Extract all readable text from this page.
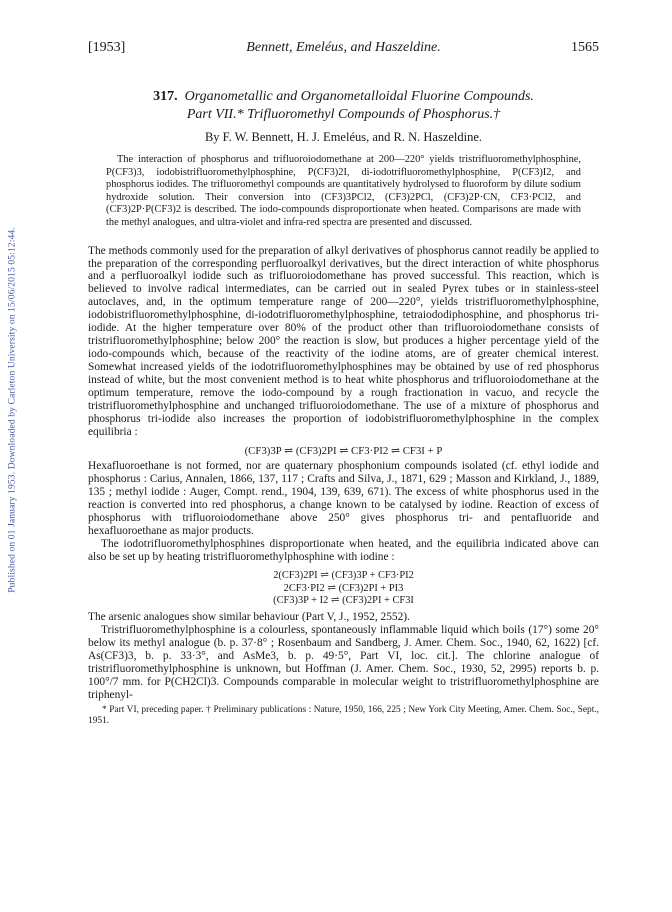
Published on 01 January 1953. Downloaded by Carleton University on 15/06/2015 05:12:44.
[1953]	Bennett, Emeléus, and Haszeldine.	1565
317. Organometallic and Organometalloidal Fluorine Compounds.
Part VII.* Trifluoromethyl Compounds of Phosphorus.†
By F. W. Bennett, H. J. Emeléus, and R. N. Haszeldine.
The interaction of phosphorus and trifluoroiodomethane at 200—220° yields tristrifluoromethylphosphine, P(CF3)3, iodobistrifluoromethylphosphine, P(CF3)2I, di-iodotrifluoromethylphosphine, P(CF3)I2, and phosphorus iodides. The trifluoromethyl compounds are quantitatively hydrolysed to fluoroform by dilute sodium hydroxide solution. Their conversion into (CF3)3PCl2, (CF3)2PCl, (CF3)2P·CN, CF3·PCl2, and (CF3)2P·P(CF3)2 is described. The iodo-compounds disproportionate when heated. Comparisons are made with the methyl analogues, and ultra-violet and infra-red spectra are presented and discussed.

The methods commonly used for the preparation of alkyl derivatives of phosphorus cannot readily be applied to the preparation of the corresponding perfluoroalkyl derivatives, but the direct interaction of white phosphorus and a perfluoroalkyl iodide such as trifluoroiodomethane has proved successful. This reaction, which is believed to involve radical intermediates, can be carried out in sealed Pyrex tubes or in stainless-steel autoclaves, and, in the optimum temperature range of 200—220°, yields tristrifluoromethylphosphine, iodobistrifluoromethylphosphine, di-iodotrifluoromethylphosphine, tetraiododiphosphine, and phosphorus tri-iodide. At the higher temperature over 80% of the product other than trifluoroiodomethane consists of tristrifluoromethylphosphine; below 200° the reaction is slow, but produces a higher percentage yield of the iodo-compounds which, because of the reactivity of the iodine atoms, are of greater chemical interest. Somewhat increased yields of the iodotrifluoromethylphosphines may be obtained by use of red phosphorus instead of white, but the most convenient method is to heat white phosphorus and trifluoroiodomethane at the optimum temperature, remove the iodo-compound by a rough fractionation in vacuo, and recycle the tristrifluoromethylphosphine and unchanged trifluoroiodomethane. The use of a mixture of phosphorus and phosphorus tri-iodide also increases the proportion of iodobistrifluoromethylphosphine in the complex equilibria :

(CF3)3P ⇌ (CF3)2PI ⇌ CF3·PI2 ⇌ CF3I + P

Hexafluoroethane is not formed, nor are quaternary phosphonium compounds isolated (cf. ethyl iodide and phosphorus : Carius, Annalen, 1866, 137, 117 ; Crafts and Silva, J., 1871, 629 ; Masson and Kirkland, J., 1889, 135 ; methyl iodide : Auger, Compt. rend., 1904, 139, 639, 671). The excess of white phosphorus used in the reaction is converted into red phosphorus, a change known to be catalysed by iodine. Reaction of excess of phosphorus with trifluoroiodomethane above 250° gives phosphorus tri- and pentafluoride and hexafluoroethane as major products.

The iodotrifluoromethylphosphines disproportionate when heated, and the equilibria indicated above can also be set up by heating tristrifluoromethylphosphine with iodine :

2(CF3)2PI ⇌ (CF3)3P + CF3·PI2
2CF3·PI2 ⇌ (CF3)2PI + PI3
(CF3)3P + I2 ⇌ (CF3)2PI + CF3I

The arsenic analogues show similar behaviour (Part V, J., 1952, 2552).

Tristrifluoromethylphosphine is a colourless, spontaneously inflammable liquid which boils (17°) some 20° below its methyl analogue (b. p. 37·8° ; Rosenbaum and Sandberg, J. Amer. Chem. Soc., 1940, 62, 1622) [cf. As(CF3)3, b. p. 33·3°, and AsMe3, b. p. 49·5°, Part VI, loc. cit.]. The chlorine analogue of tristrifluoromethylphosphine is unknown, but Hoffman (J. Amer. Chem. Soc., 1930, 52, 2995) reports b. p. 100°/7 mm. for P(CH2Cl)3. Compounds comparable in molecular weight to tristrifluoromethylphosphine are triphenyl-

* Part VI, preceding paper. † Preliminary publications : Nature, 1950, 166, 225 ; New York City Meeting, Amer. Chem. Soc., Sept., 1951.
